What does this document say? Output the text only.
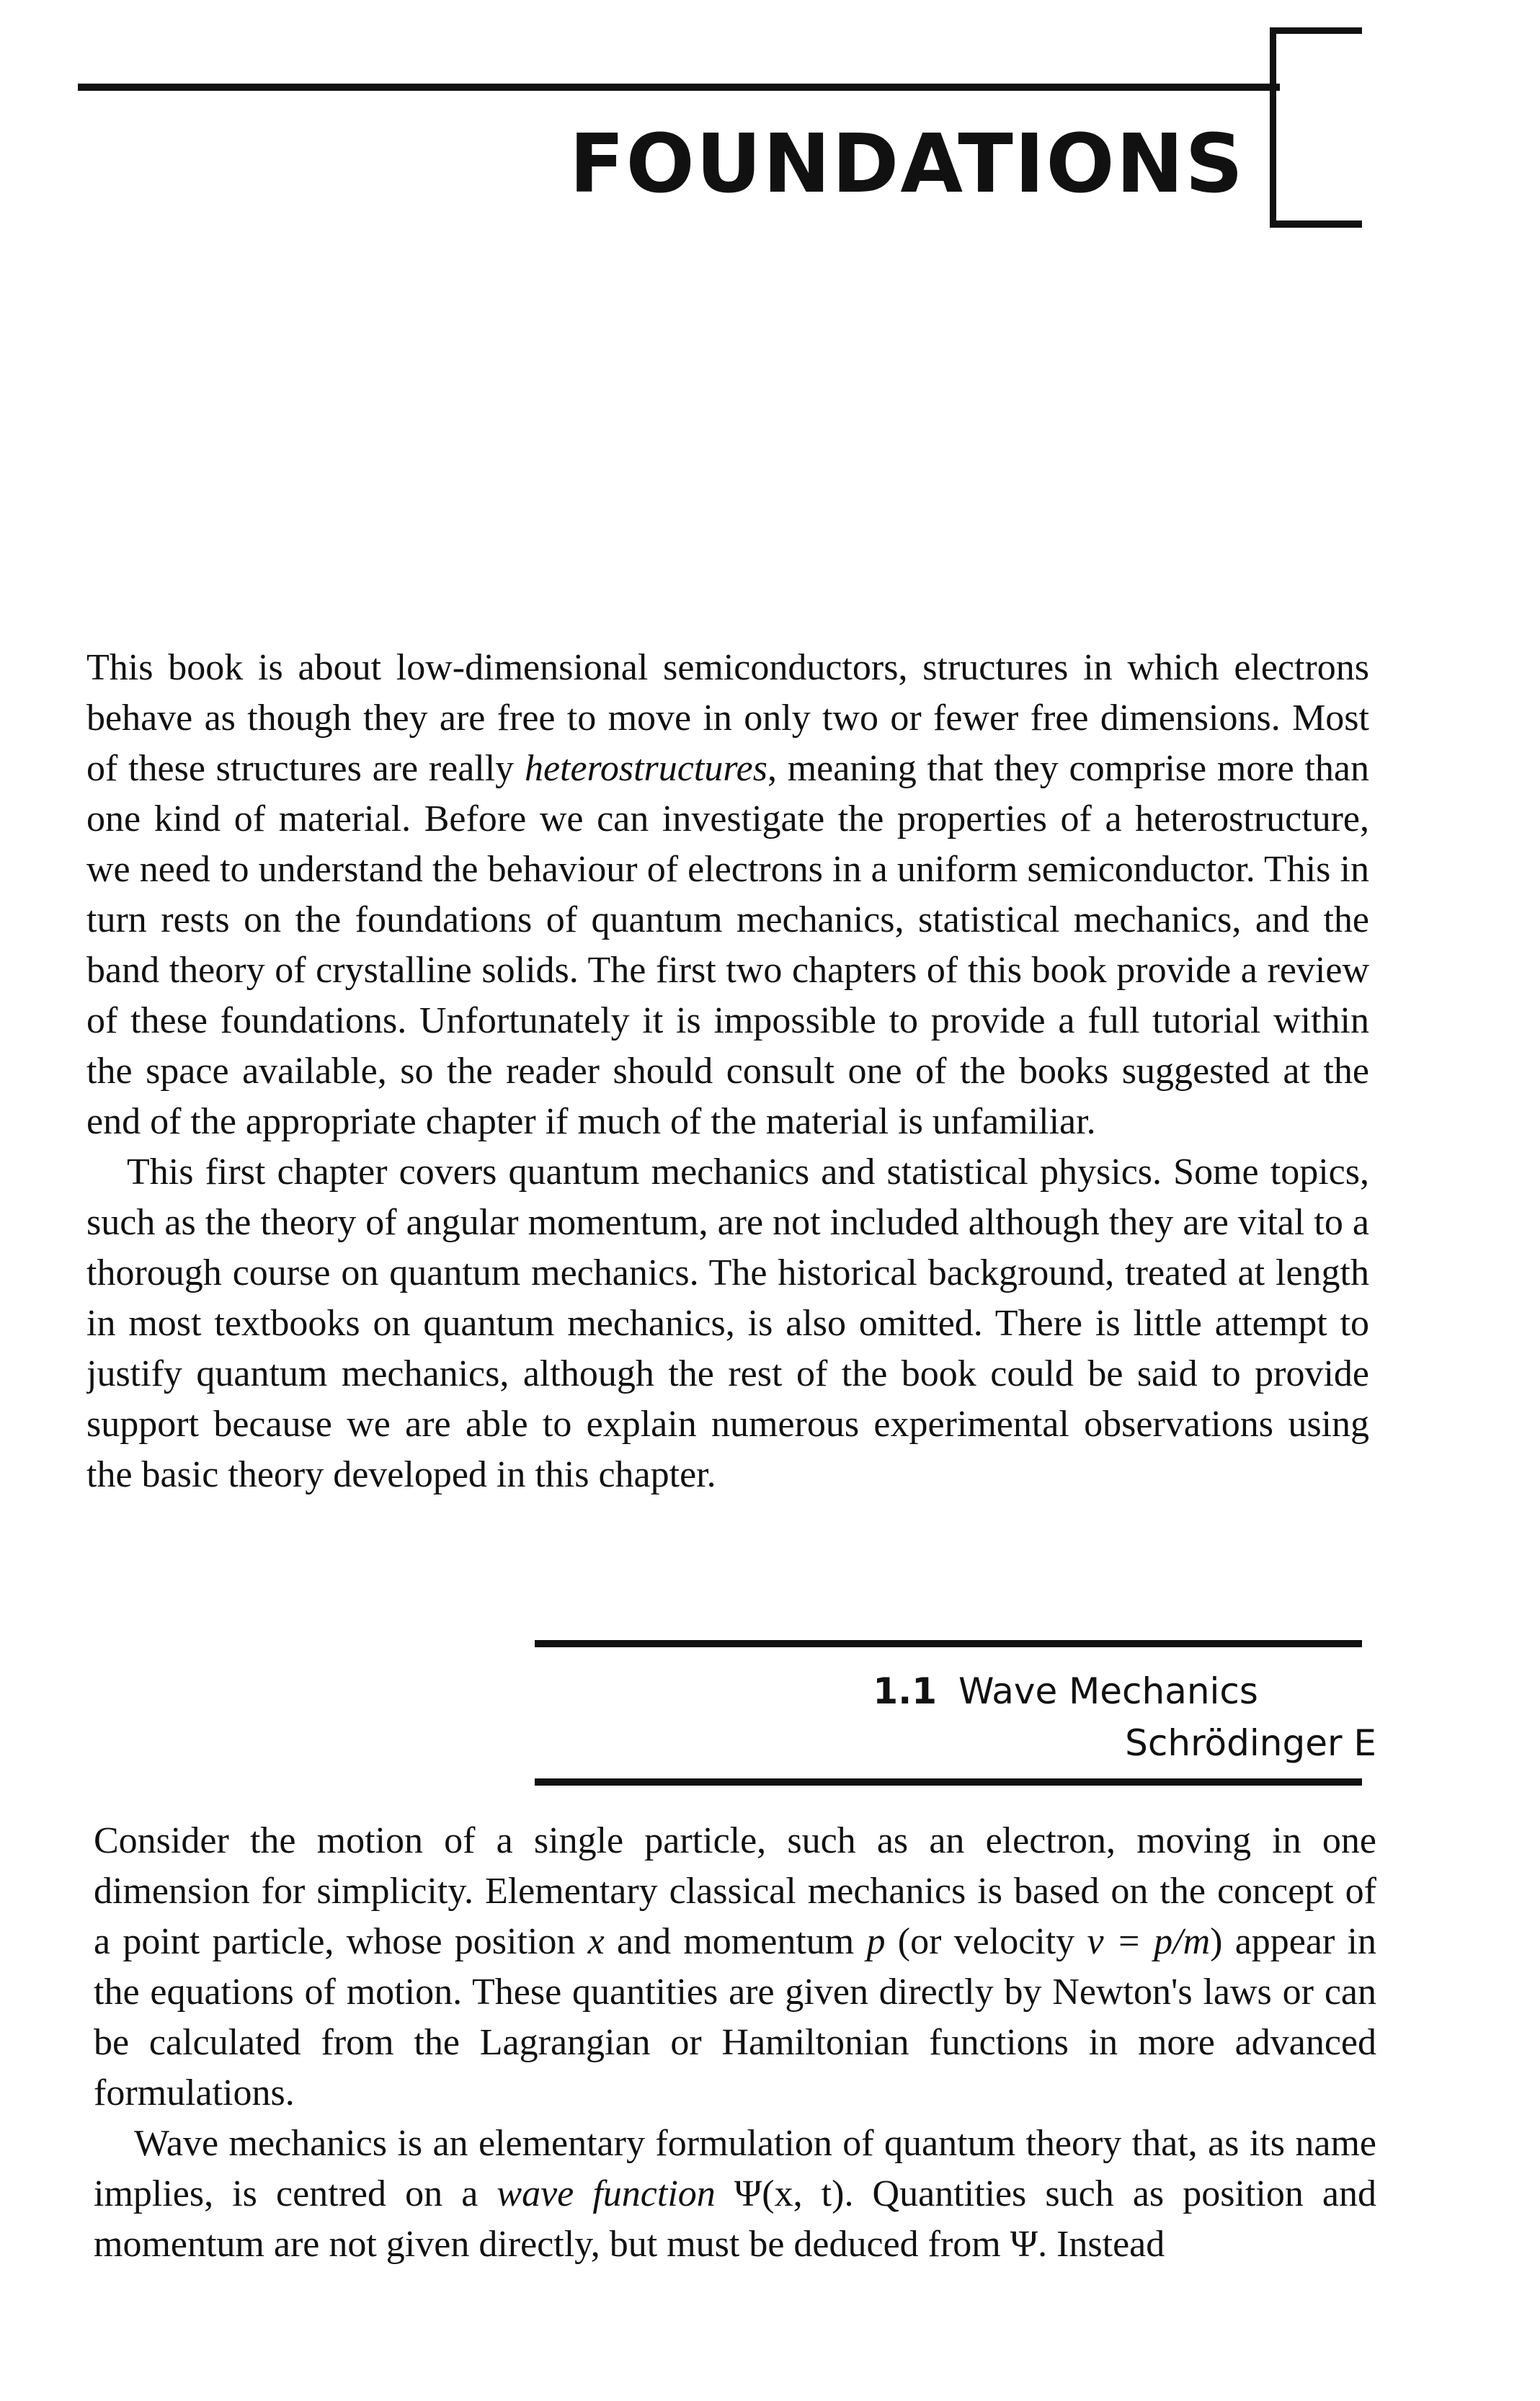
FOUNDATIONS

This book is about low-dimensional semiconductors, structures in which electrons behave as though they are free to move in only two or fewer free dimensions. Most of these structures are really heterostructures, meaning that they comprise more than one kind of material. Before we can investigate the properties of a heterostructure, we need to understand the behaviour of electrons in a uniform semiconductor. This in turn rests on the foundations of quantum mechanics, statistical mechanics, and the band theory of crystalline solids. The first two chapters of this book provide a review of these foundations. Unfortunately it is impossible to provide a full tutorial within the space available, so the reader should consult one of the books suggested at the end of the appropriate chapter if much of the material is unfamiliar.

This first chapter covers quantum mechanics and statistical physics. Some topics, such as the theory of angular momentum, are not included although they are vital to a thorough course on quantum mechanics. The historical background, treated at length in most textbooks on quantum mechanics, is also omitted. There is little attempt to justify quantum mechanics, although the rest of the book could be said to provide support because we are able to explain numerous experimental observations using the basic theory developed in this chapter.

1.1 Wave Mechanics
Schrödinger E

Consider the motion of a single particle, such as an electron, moving in one dimension for simplicity. Elementary classical mechanics is based on the concept of a point particle, whose position x and momentum p (or velocity v = p/m) appear in the equations of motion. These quantities are given directly by Newton's laws or can be calculated from the Lagrangian or Hamiltonian functions in more advanced formulations.

Wave mechanics is an elementary formulation of quantum theory that, as its name implies, is centred on a wave function Ψ(x, t). Quantities such as position and momentum are not given directly, but must be deduced from Ψ. Instead
